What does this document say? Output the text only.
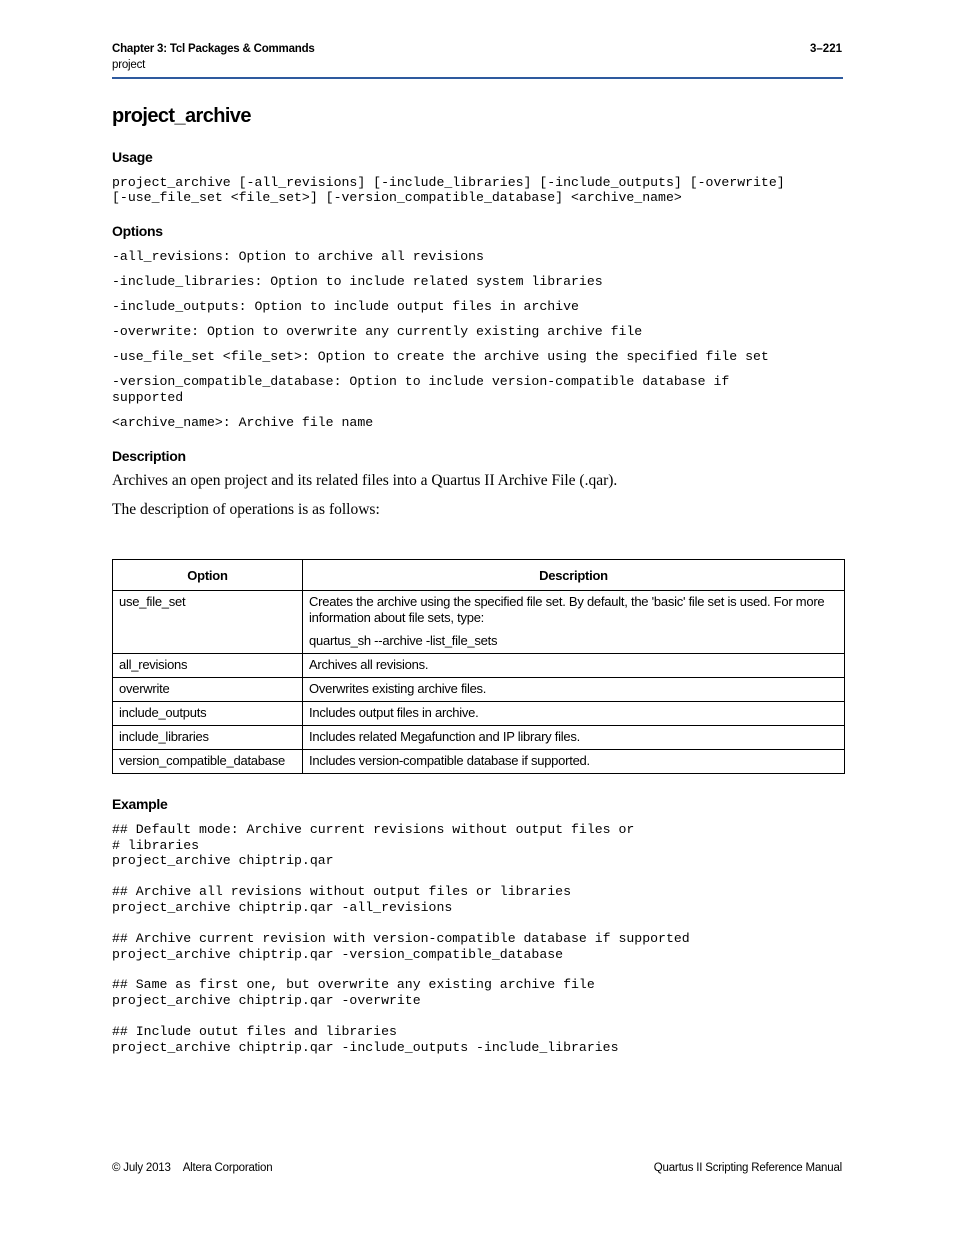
Chapter 3: Tcl Packages & Commands
project
3–221
project_archive
Usage
project_archive [-all_revisions] [-include_libraries] [-include_outputs] [-overwrite]
[-use_file_set <file_set>] [-version_compatible_database] <archive_name>
Options
-all_revisions: Option to archive all revisions
-include_libraries: Option to include related system libraries
-include_outputs: Option to include output files in archive
-overwrite: Option to overwrite any currently existing archive file
-use_file_set <file_set>: Option to create the archive using the specified file set
-version_compatible_database: Option to include version-compatible database if
supported
<archive_name>: Archive file name
Description
Archives an open project and its related files into a Quartus II Archive File (.qar).
The description of operations is as follows:
Option	Description
use_file_set	Creates the archive using the specified file set. By default, the 'basic' file set is used. For more information about file sets, type:

quartus_sh --archive -list_file_sets

all_revisions	Archives all revisions.
overwrite	Overwrites existing archive files.
include_outputs	Includes output files in archive.
include_libraries	Includes related Megafunction and IP library files.
version_compatible_database	Includes version-compatible database if supported.
Example
## Default mode: Archive current revisions without output files or
# libraries
project_archive chiptrip.qar
## Archive all revisions without output files or libraries
project_archive chiptrip.qar -all_revisions
## Archive current revision with version-compatible database if supported
project_archive chiptrip.qar -version_compatible_database
## Same as first one, but overwrite any existing archive file
project_archive chiptrip.qar -overwrite
## Include outut files and libraries
project_archive chiptrip.qar -include_outputs -include_libraries
© July 2013 Altera Corporation	Quartus II Scripting Reference Manual
